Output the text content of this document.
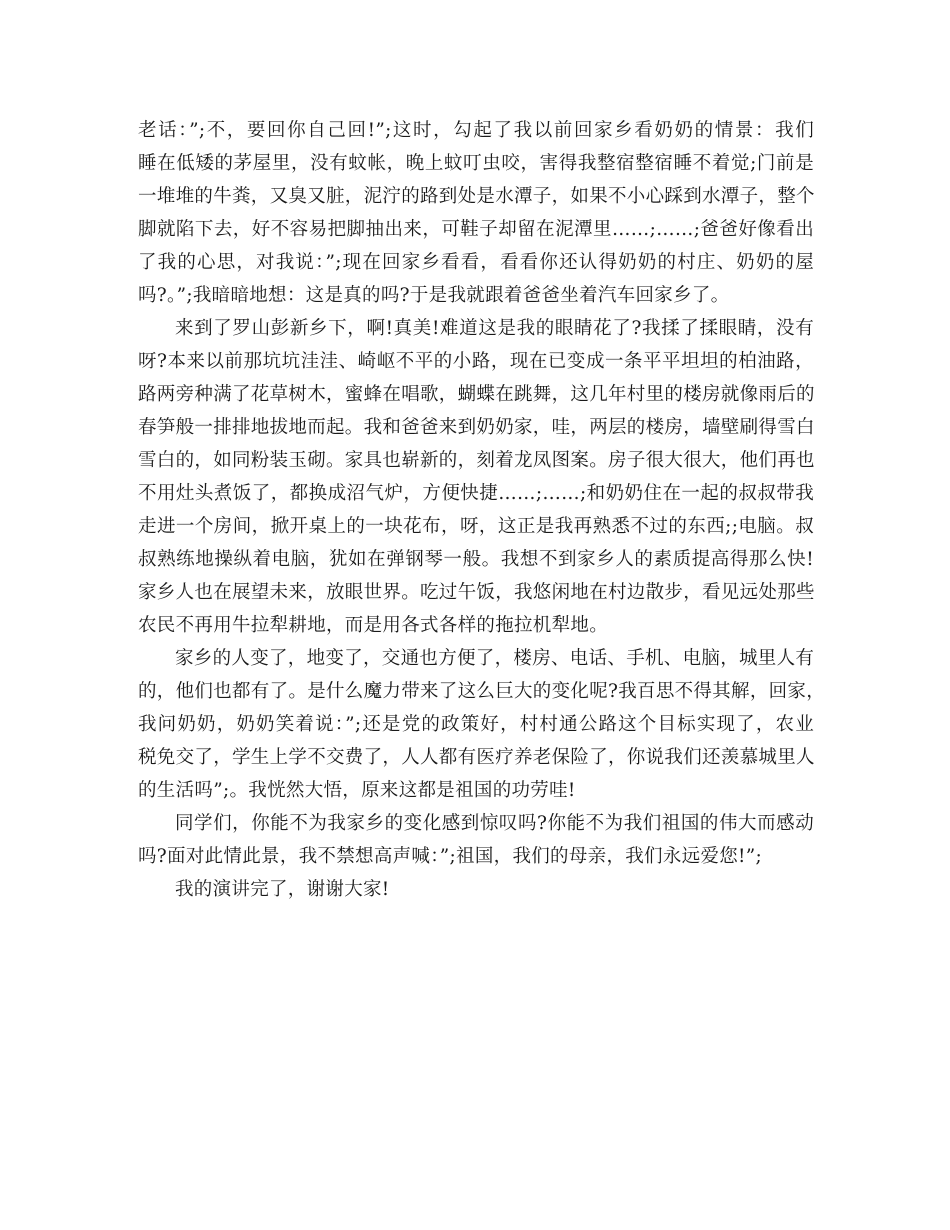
老话：”;不，要回你自己回!”;这时，勾起了我以前回家乡看奶奶的情景：我们
睡在低矮的茅屋里，没有蚊帐，晚上蚊叮虫咬，害得我整宿整宿睡不着觉;门前是
一堆堆的牛粪，又臭又脏，泥泞的路到处是水潭子，如果不小心踩到水潭子，整个
脚就陷下去，好不容易把脚抽出来，可鞋子却留在泥潭里……;……;爸爸好像看出
了我的心思，对我说：”;现在回家乡看看，看看你还认得奶奶的村庄、奶奶的屋
吗?。”;我暗暗地想：这是真的吗?于是我就跟着爸爸坐着汽车回家乡了。
来到了罗山彭新乡下，啊!真美!难道这是我的眼睛花了?我揉了揉眼睛，没有
呀?本来以前那坑坑洼洼、崎岖不平的小路，现在已变成一条平平坦坦的柏油路，
路两旁种满了花草树木，蜜蜂在唱歌，蝴蝶在跳舞，这几年村里的楼房就像雨后的
春笋般一排排地拔地而起。我和爸爸来到奶奶家，哇，两层的楼房，墙壁刷得雪白
雪白的，如同粉装玉砌。家具也崭新的，刻着龙凤图案。房子很大很大，他们再也
不用灶头煮饭了，都换成沼气炉，方便快捷……;……;和奶奶住在一起的叔叔带我
走进一个房间，掀开桌上的一块花布，呀，这正是我再熟悉不过的东西;;电脑。叔
叔熟练地操纵着电脑，犹如在弹钢琴一般。我想不到家乡人的素质提高得那么快!
家乡人也在展望未来，放眼世界。吃过午饭，我悠闲地在村边散步，看见远处那些
农民不再用牛拉犁耕地，而是用各式各样的拖拉机犁地。
家乡的人变了，地变了，交通也方便了，楼房、电话、手机、电脑，城里人有
的，他们也都有了。是什么魔力带来了这么巨大的变化呢?我百思不得其解，回家，
我问奶奶，奶奶笑着说：”;还是党的政策好，村村通公路这个目标实现了，农业
税免交了，学生上学不交费了，人人都有医疗养老保险了，你说我们还羡慕城里人
的生活吗”;。我恍然大悟，原来这都是祖国的功劳哇!
同学们，你能不为我家乡的变化感到惊叹吗?你能不为我们祖国的伟大而感动
吗?面对此情此景，我不禁想高声喊：”;祖国，我们的母亲，我们永远爱您!”;
我的演讲完了，谢谢大家!
